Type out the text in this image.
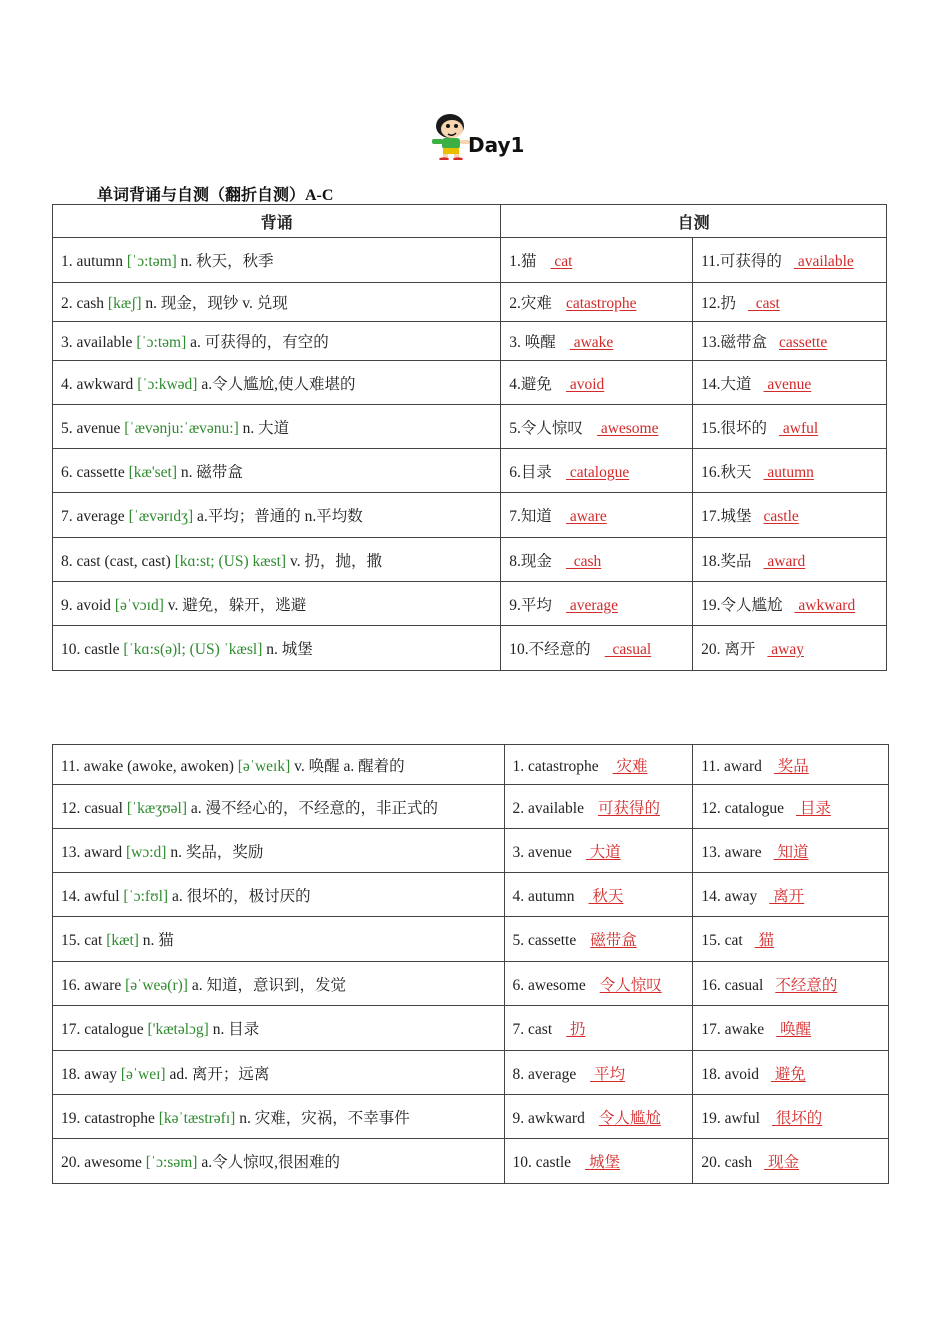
Day1
单词背诵与自测（翻折自测）A-C
背诵	自测	
1. autumn [ˈɔ:təm] n. 秋天，秋季	1.猫 cat	11.可获得的 available
2. cash [kæʃ] n. 现金，现钞 v. 兑现	2.灾难 catastrophe	12.扔  cast
3. available [ˈɔ:təm] a. 可获得的，有空的	3. 唤醒 awake	13.磁带盒 cassette
4. awkward [ˈɔ:kwəd] a.令人尴尬,使人难堪的	4.避免 avoid	14.大道 avenue
5. avenue [ˈævənju:ˈævənu:] n. 大道	5.令人惊叹 awesome	15.很坏的 awful
6. cassette [kæ'set] n. 磁带盒	6.目录 catalogue	16.秋天 autumn
7. average [ˈævərɪdʒ] a.平均；普通的 n.平均数	7.知道 aware	17.城堡 castle
8. cast (cast, cast) [kɑ:st; (US) kæst] v. 扔，抛，撒	8.现金  cash	18.奖品 award
9. avoid [əˈvɔɪd] v. 避免，躲开，逃避	9.平均 average	19.令人尴尬 awkward
10. castle [ˈkɑ:s(ə)l; (US) ˈkæsl] n. 城堡	10.不经意的  casual	20. 离开 away
11. awake (awoke, awoken) [əˈweɪk] v. 唤醒 a. 醒着的	1. catastrophe 灾难	11. award 奖品
12. casual [ˈkæʒʊəl] a. 漫不经心的，不经意的，非正式的	2. available 可获得的	12. catalogue 目录
13. award [wɔ:d] n. 奖品，奖励	3. avenue 大道	13. aware 知道
14. awful [ˈɔ:fʊl] a. 很坏的，极讨厌的	4. autumn 秋天	14. away 离开
15. cat [kæt] n. 猫	5. cassette 磁带盒	15. cat 猫
16. aware [əˈweə(r)] a. 知道，意识到，发觉	6. awesome 令人惊叹	16. casual 不经意的
17. catalogue ['kætəlɔg] n. 目录	7. cast 扔	17. awake 唤醒
18. away [əˈweɪ] ad. 离开；远离	8. average 平均	18. avoid 避免
19. catastrophe [kəˈtæstrəfɪ] n. 灾难，灾祸，不幸事件	9. awkward 令人尴尬	19. awful 很坏的
20. awesome [ˈɔ:səm] a.令人惊叹,很困难的	10. castle 城堡	20. cash 现金
